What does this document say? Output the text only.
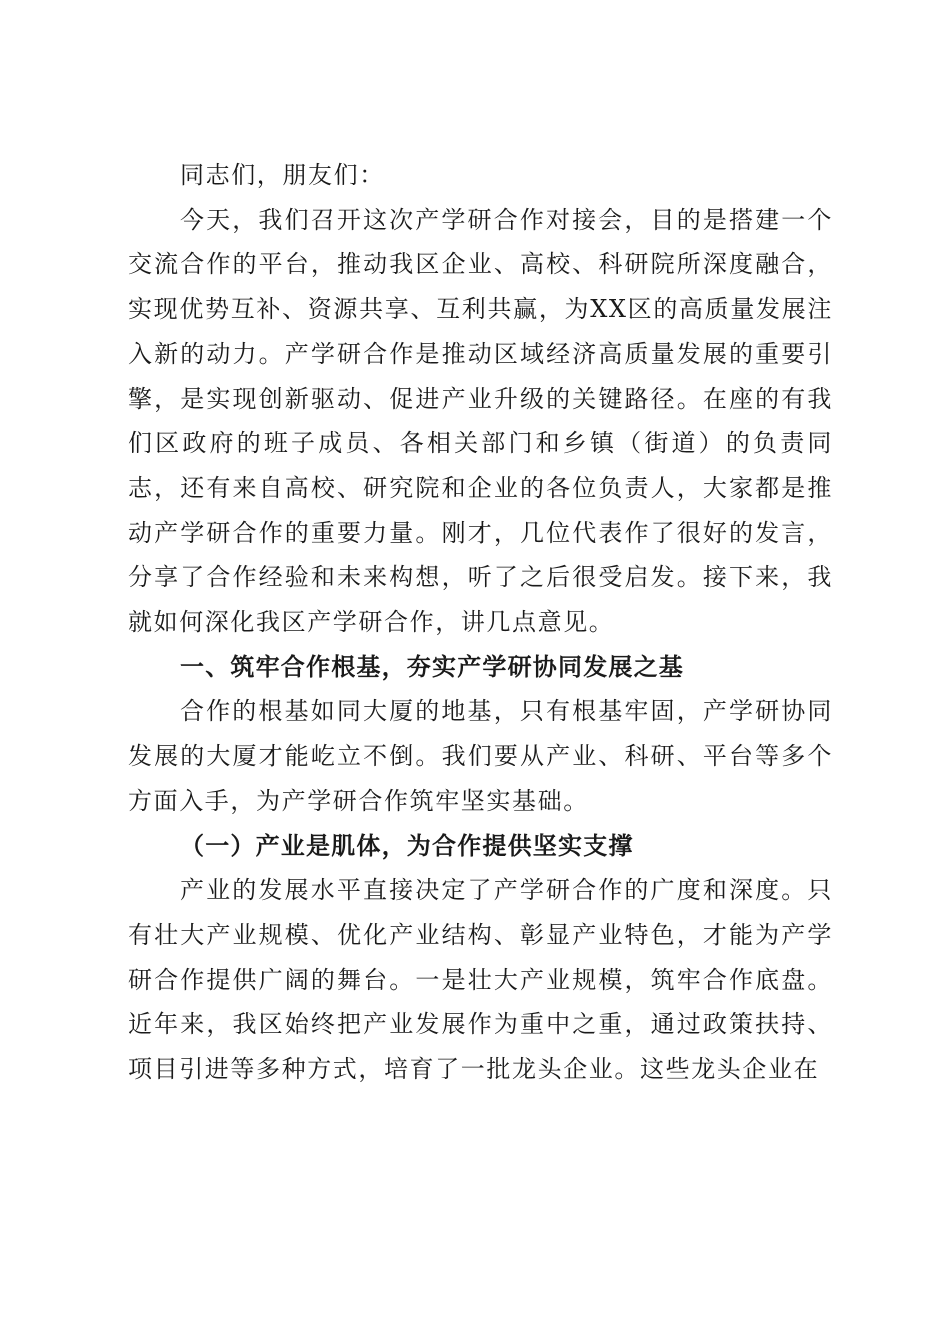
同志们，朋友们：

今天，我们召开这次产学研合作对接会，目的是搭建一个交流合作的平台，推动我区企业、高校、科研院所深度融合，实现优势互补、资源共享、互利共赢，为XX区的高质量发展注入新的动力。产学研合作是推动区域经济高质量发展的重要引擎，是实现创新驱动、促进产业升级的关键路径。在座的有我们区政府的班子成员、各相关部门和乡镇（街道）的负责同志，还有来自高校、研究院和企业的各位负责人，大家都是推动产学研合作的重要力量。刚才，几位代表作了很好的发言，分享了合作经验和未来构想，听了之后很受启发。接下来，我就如何深化我区产学研合作，讲几点意见。

一、筑牢合作根基，夯实产学研协同发展之基

合作的根基如同大厦的地基，只有根基牢固，产学研协同发展的大厦才能屹立不倒。我们要从产业、科研、平台等多个方面入手，为产学研合作筑牢坚实基础。

（一）产业是肌体，为合作提供坚实支撑

产业的发展水平直接决定了产学研合作的广度和深度。只有壮大产业规模、优化产业结构、彰显产业特色，才能为产学研合作提供广阔的舞台。一是壮大产业规模，筑牢合作底盘。近年来，我区始终把产业发展作为重中之重，通过政策扶持、项目引进等多种方式，培育了一批龙头企业。这些龙头企业在
